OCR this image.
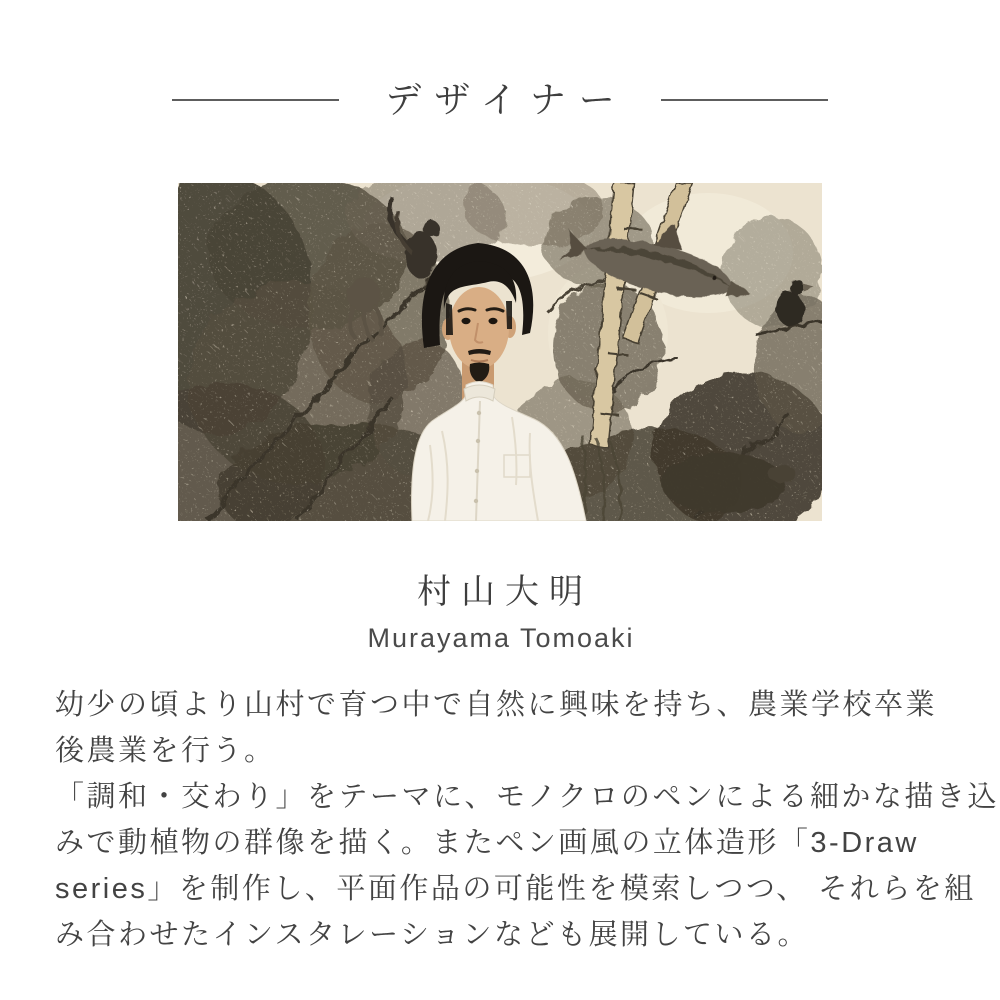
デザイナー
村山大明
Murayama Tomoaki
幼少の頃より山村で育つ中で自然に興味を持ち、農業学校卒業
後農業を行う。
「調和・交わり」をテーマに、モノクロのペンによる細かな描き込
みで動植物の群像を描く。またペン画風の立体造形「3-Draw
series」を制作し、平面作品の可能性を模索しつつ、 それらを組
み合わせたインスタレーションなども展開している。
